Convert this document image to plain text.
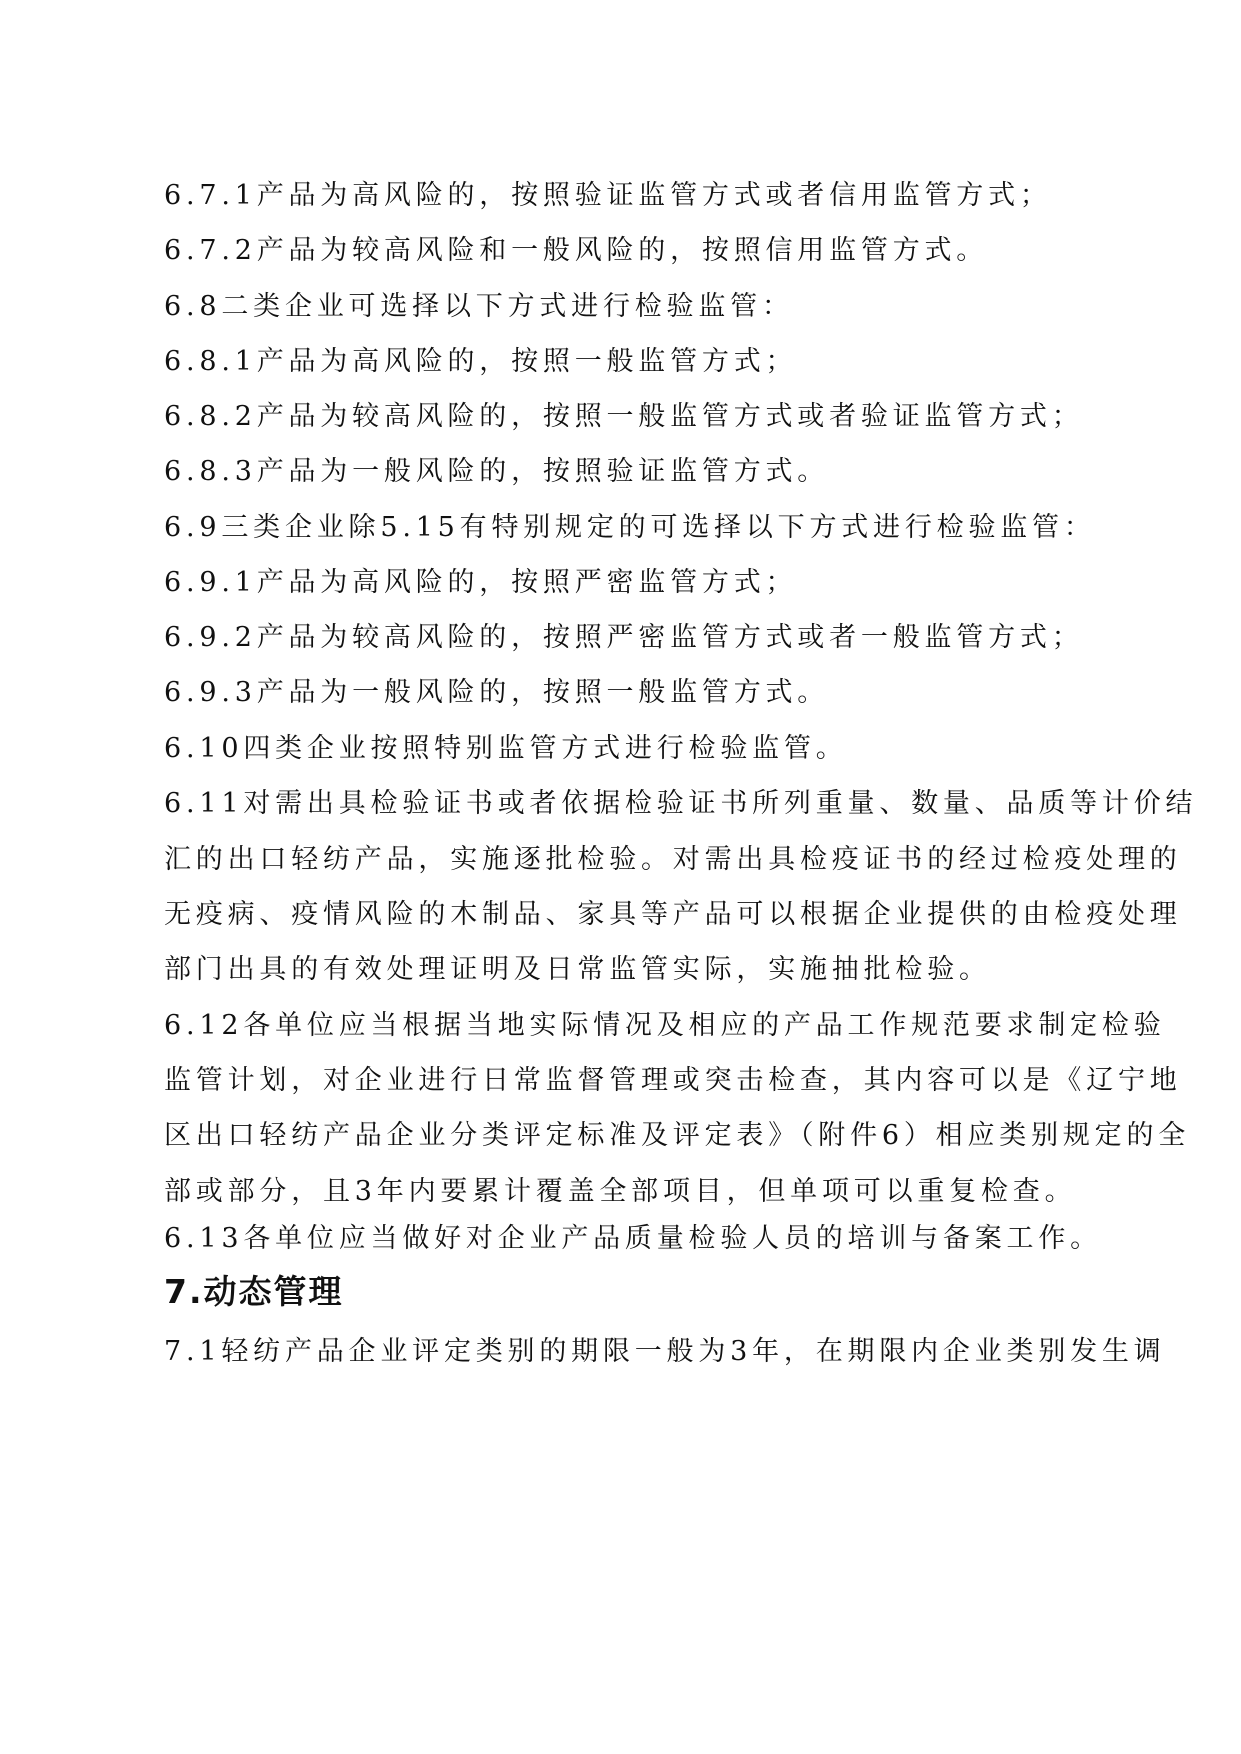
6.7.1产品为高风险的，按照验证监管方式或者信用监管方式；
6.7.2产品为较高风险和一般风险的，按照信用监管方式。
6.8二类企业可选择以下方式进行检验监管：
6.8.1产品为高风险的，按照一般监管方式；
6.8.2产品为较高风险的，按照一般监管方式或者验证监管方式；
6.8.3产品为一般风险的，按照验证监管方式。
6.9三类企业除5.15有特别规定的可选择以下方式进行检验监管：
6.9.1产品为高风险的，按照严密监管方式；
6.9.2产品为较高风险的，按照严密监管方式或者一般监管方式；
6.9.3产品为一般风险的，按照一般监管方式。
6.10四类企业按照特别监管方式进行检验监管。
6.11对需出具检验证书或者依据检验证书所列重量、数量、品质等计价结
汇的出口轻纺产品，实施逐批检验。对需出具检疫证书的经过检疫处理的
无疫病、疫情风险的木制品、家具等产品可以根据企业提供的由检疫处理
部门出具的有效处理证明及日常监管实际，实施抽批检验。
6.12各单位应当根据当地实际情况及相应的产品工作规范要求制定检验
监管计划，对企业进行日常监督管理或突击检查，其内容可以是《辽宁地
区出口轻纺产品企业分类评定标准及评定表》（附件6）相应类别规定的全
部或部分，且3年内要累计覆盖全部项目，但单项可以重复检查。
6.13各单位应当做好对企业产品质量检验人员的培训与备案工作。
7.动态管理
7.1轻纺产品企业评定类别的期限一般为3年，在期限内企业类别发生调
